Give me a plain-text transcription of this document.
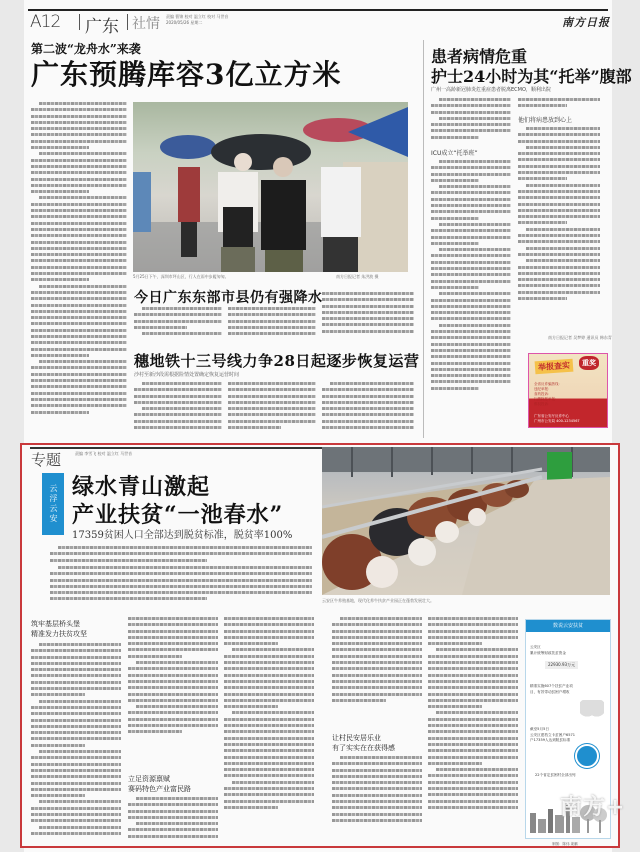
A12 广东 社情 责编 曹锦 校对 温立红 校对 马世音
2020/05/26 星期二	南方日报
第二波“龙舟水”来袭
广东预腾库容3亿立方米
5月25日下午，深圳市坪山区，行人在雨中步履匆匆。	南方日报记者 朱洪波 摄
今日广东东部市县仍有强降水
穗地铁十三号线力争28日起逐步恢复运营
沙村至新沙段需根据险情处置确定恢复运营时间
患者病情危重
护士24小时为其“托举”腹部
广州一高龄新冠肺炎危重症患者脱离ECMO，顺利出院
ICU成立“托举班”
他们将病患放到心上
南方日报记者 吴梦婷 通讯员 韩东青
举报查实	重奖
全省反诈骗热线：
违纪举报：
食药投诉：
扫黑除恶举报：
维权投诉：
广东省公安厅反诈中心
广州市公安局 400-1234567
专题	责编 李雪飞 校对 温立红 马世音
云浮云安 绿水青山激起
产业扶贫“一池春水”
17359贫困人口全部达到脱贫标准，脱贫率100%
云安区牛养殖基地，现代化养牛扶贫产业园正在蓬勃发展壮大。
筑牢基层桥头堡
精准发力扶贫攻坚
立足资源禀赋
赛码特色产业富民路
让村民安居乐业
有了实实在在获得感
数说云安扶贫
云安区
累计统筹财政扶贫资金
22930.93万元
精准实施607个扶贫产业项目，有效带动贫困户增收
截至5月5日
云安区建档立卡贫困户6571户17359人达到脱贫标准
22个省定贫困村全部出列
南方+
制图：陈伟 姜鹏
